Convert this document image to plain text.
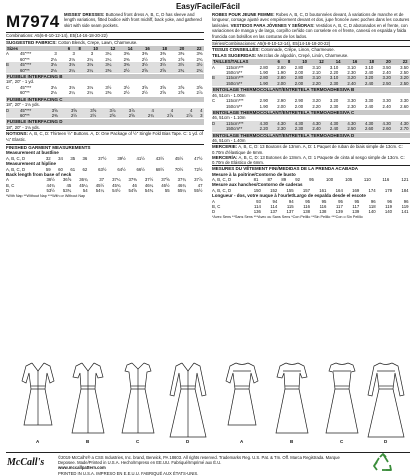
Easy/Facile/Fácil
M7974 MISSES' DRESSES: Buttoned front dress A, B, C, D has sleeve and length variations, fitted bodice with front midriff, back yoke, and gathered skirt with side seam pockets.
Combinations: A5(6-8-10-12-14), E5(14-16-18-20-22)
SUGGESTED FABRICS: Cotton Blends, Crepe, Lawn, Charmeuse.
Sizes		6	8	10	12	14	16	18	20	22
A	45"***	3	3	3	3¼	3⅜	3⅜	3⅜	3⅜	3⅜
	60"**	2⅛	2⅛	2¼	2¼	2⅜	2½	2⅝	2⅝	2¾
B	45"***	3⅛	3⅛	3⅛	3¼	3⅜	3½	3½	3½	3½
	60"**	2⅛	2¼	2¼	2⅜	2½	2⅝	2⅝	2¾	2¾
FUSIBLE INTERFACING B
18", 20" - 1 yd.
C	45"***	3⅛	3⅛	3⅛	3½	3½	3⅝	3⅝	3⅝	3⅝
	60"**	2⅛	2¼	2¼	2⅜	2½	2½	2⅝	2⅝	2⅞
FUSIBLE INTERFACING C
18", 20" - 1⅛ yds.
D	45"***	3⅝	3⅝	3⅝	3⅞	3⅞	4	4	4	4
	60"**	2⅜	2½	2½	2⅝	2⅝	2¾	2⅞	2⅞	3
FUSIBLE INTERFACING D
18", 20" - 1⅛ yds.
NOTIONS: A, B, C, D: Thirteen ½" Buttons. A, D: One Package of ½" Single Fold Bias Tape. C: 1 yd. of ¼" Elastic.
FINISHED GARMENT MEASUREMENTS
Measurement at bustline
A, B, C, D	32	34	35	36	37½	39½	41½	43½	45½	47½
Measurement at hipline
A, B, C, D	59	60	61	62	63½	64½	66½	68½	70½	72½
Back length from base of neck
A	36½	36⅝	36¾	37	37¼	37⅜	37½	37⅝	37¾	37⅞
B, C	44¾	45	45¼	45½	45¾	46	46¼	46½	46¾	47
D	53½	53¾	54	54¼	54½	54⅝	54¾	55	55¼	55½
*With Nap **Without Nap ***With or Without Nap
ROBES POUR JEUNE FEMME: Robes A, B, C, D boutonnées devant, à variations de manche et de longueur, corsage ajusté avec empiècement devant et dos, jupe froncée avec poches dans les coutures latérales. VESTIDOS PARA JÓVENES Y SEÑORAS: Vestidos A, B, C, D abotonados en el frente, con variaciones de manga y de largo, corpiño ceñido con corselete en el frente, canesú en espalda y falda fruncida con bolsillos en las costuras de los lados.
Séries/Combinaciones: A5(6-8-10-12-14), E5(14-16-18-20-22)
TISSUS CONSEILLÉS: Cotonnade, Crêpe, Linon, Charmeuse.
TELAS SUGERIDAS: Mezclas de algodón, Crepé, Linón, Charmeuse.
TAILLES/TALLAS		6	8	10	12	14	16	18	20	22
A	115cm***	2.80	2.80	2.80	3.10	3.10	3.10	3.10	3.50	3.50
	150cm**	1.90	1.90	2.00	2.10	2.20	2.30	2.40	2.40	2.50
B	115cm***	2.80	2.80	2.80	3.10	3.10	3.20	3.20	3.20	3.20
	150cm**	1.90	2.00	2.00	2.20	2.30	2.40	2.40	2.50	2.50
ENTOILAGE THERMOCOLLANT/ENTRETELA TERMOADHESIVA B
46, 51cm - 1.00m
C	115cm***	2.90	2.90	2.90	3.20	3.20	3.30	3.30	3.30	3.30
	150cm**	1.90	2.00	2.00	2.20	2.30	2.30	2.40	2.40	2.60
ENTOILAGE THERMOCOLLANT/ENTRETELA TERMOADHESIVA C
46, 51cm - 1.10m
D	115cm***	4.30	4.30	4.30	4.30	4.30	4.30	4.30	4.30	4.30
	150cm**	2.20	2.30	2.30	2.40	2.40	2.50	2.60	2.60	2.70
ENTOILAGE THERMOCOLLANT/ENTRETELA TERMOADHESIVA D
46, 51cm - 1.40m
MERCERIE: A, B, C, D: 13 Boutons de 13mm. A, D: 1 Paquet de ruban de biais simple de 13cm. C: 0.70m d'élastique de 6mm.
MERCERÍA: A, B, C, D: 13 Botones de 13mm. A, D: 1 Paquete de cinta al sesgo simple de 13cm. C: 0.70m de Elástico de 6mm.
MESURES DU VÊTEMENT FINI/MEDIDAS DE LA PRENDA ACABADA
Mesure à la poitrine/Contorno de busto
A, B, C, D	81	87	89	92	95	100	105	110	116	121
Mesure aux hanches/Contorno de caderas
A, B, C, D	150	152	155	157	161	164	169	174	179	184
Longueur - dos, votre nuque à l'ourlet/Largo de espalda desde el escote
A	93	94	94	95	95	95	95	96	96	96
B, C	114	114	115	116	116	117	117	118	119	119
D	136	137	137	138	138	139	139	140	140	141
*Avec Sens **Sans Sens ***Avec ou Sans Sens *Con Pelillo **Sin Pelillo ***Con o Sin Pelillo
A	B	C	D	A	B	C	D
McCall's	©2019 McCall's® a CSS Industries, Inc. brand, Berwick, PA 18603. All rights reserved. Trademarks Reg. U.S. Pat. & Tm. Off. Marca Registrada. Marque Deposee. Made/Printed in U.S.A. Hecho/Impreso en EE.UU. Fabriqué/Imprimé aux É.U.
www.mccallpattern.com
PRINTED IN U.S.A. IMPRESO EN E.E.U.U. FABRIQUÉ AUX ÉTATS-UNIS.
